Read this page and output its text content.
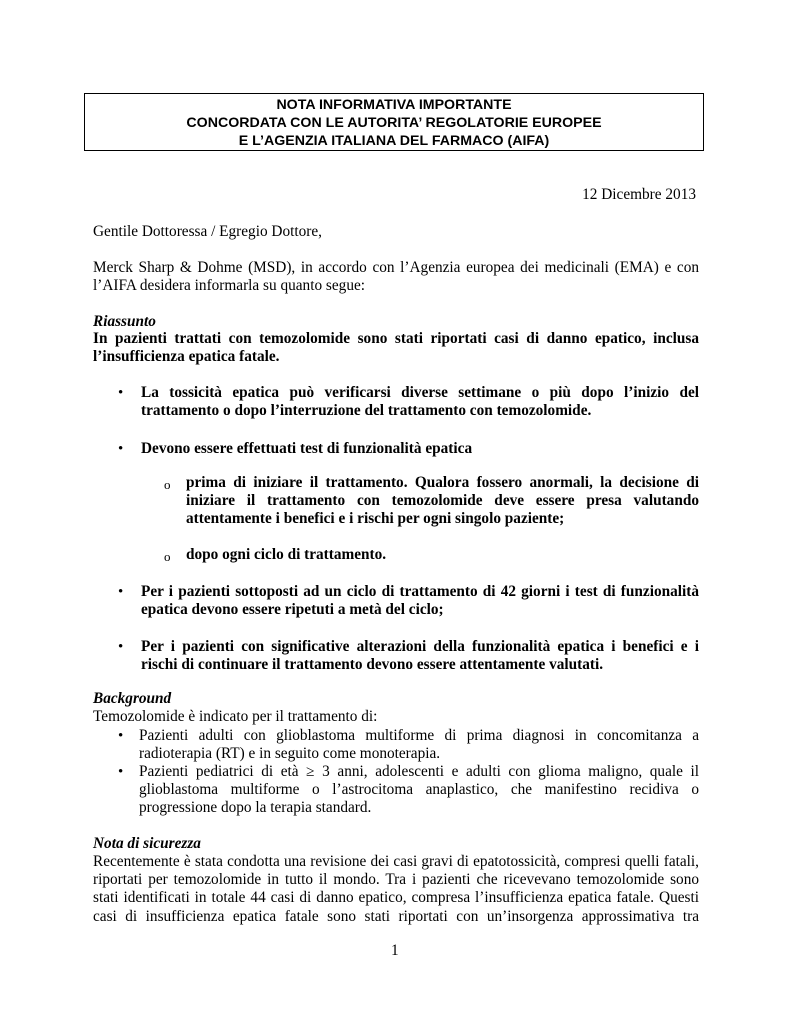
NOTA INFORMATIVA IMPORTANTE
CONCORDATA CON LE AUTORITA’ REGOLATORIE EUROPEE
E L’AGENZIA ITALIANA DEL FARMACO (AIFA)
12 Dicembre 2013
Gentile Dottoressa / Egregio Dottore,
Merck Sharp & Dohme (MSD), in accordo con l’Agenzia europea dei medicinali (EMA) e con l’AIFA desidera informarla su quanto segue:
Riassunto
In pazienti trattati con temozolomide sono stati riportati casi di danno epatico, inclusa l’insufficienza epatica fatale.
• La tossicità epatica può verificarsi diverse settimane o più dopo l’inizio del trattamento o dopo l’interruzione del trattamento con temozolomide.
• Devono essere effettuati test di funzionalità epatica
o prima di iniziare il trattamento. Qualora fossero anormali, la decisione di iniziare il trattamento con temozolomide deve essere presa valutando attentamente i benefici e i rischi per ogni singolo paziente;
o dopo ogni ciclo di trattamento.
• Per i pazienti sottoposti ad un ciclo di trattamento di 42 giorni i test di funzionalità epatica devono essere ripetuti a metà del ciclo;
• Per i pazienti con significative alterazioni della funzionalità epatica i benefici e i rischi di continuare il trattamento devono essere attentamente valutati.
Background
Temozolomide è indicato per il trattamento di:
• Pazienti adulti con glioblastoma multiforme di prima diagnosi in concomitanza a radioterapia (RT) e in seguito come monoterapia.
• Pazienti pediatrici di età ≥ 3 anni, adolescenti e adulti con glioma maligno, quale il glioblastoma multiforme o l’astrocitoma anaplastico, che manifestino recidiva o progressione dopo la terapia standard.
Nota di sicurezza
Recentemente è stata condotta una revisione dei casi gravi di epatotossicità, compresi quelli fatali, riportati per temozolomide in tutto il mondo. Tra i pazienti che ricevevano temozolomide sono stati identificati in totale 44 casi di danno epatico, compresa l’insufficienza epatica fatale. Questi casi di insufficienza epatica fatale sono stati riportati con un’insorgenza approssimativa tra
1
